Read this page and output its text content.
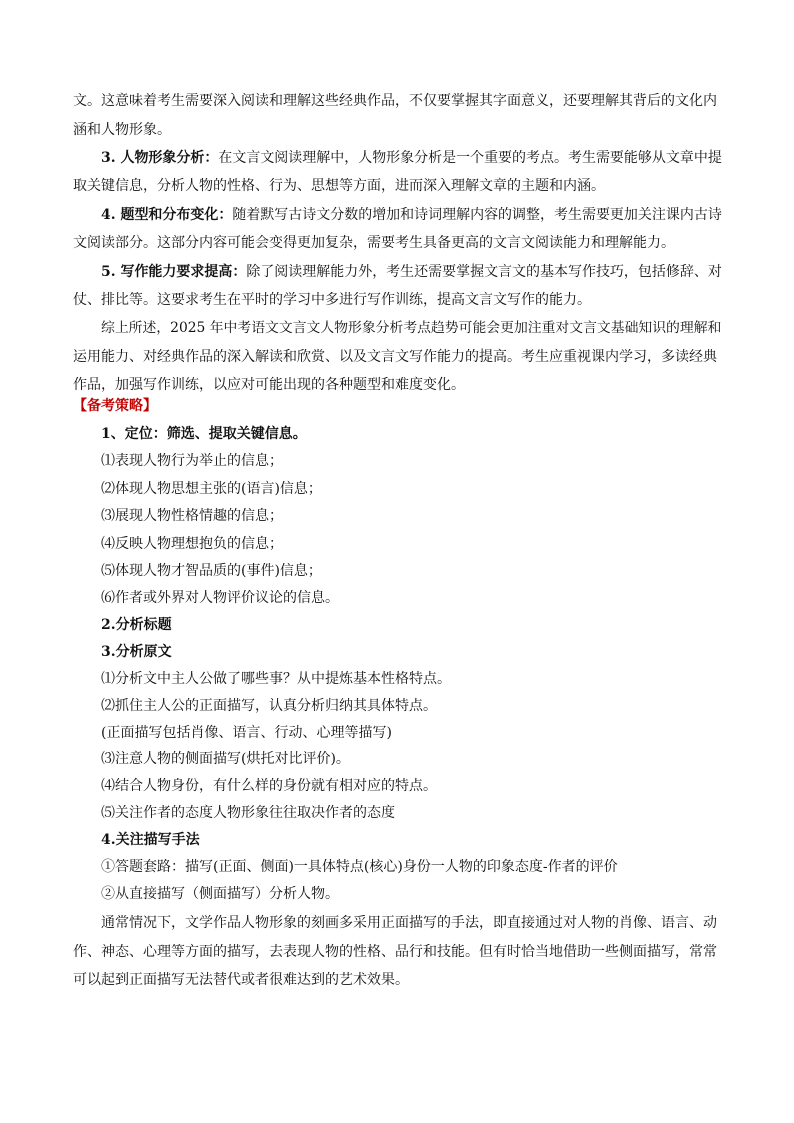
文。这意味着考生需要深入阅读和理解这些经典作品，不仅要掌握其字面意义，还要理解其背后的文化内
涵和人物形象。
3. 人物形象分析：在文言文阅读理解中，人物形象分析是一个重要的考点。考生需要能够从文章中提
取关键信息，分析人物的性格、行为、思想等方面，进而深入理解文章的主题和内涵。
4. 题型和分布变化：随着默写古诗文分数的增加和诗词理解内容的调整，考生需要更加关注课内古诗
文阅读部分。这部分内容可能会变得更加复杂，需要考生具备更高的文言文阅读能力和理解能力。
5. 写作能力要求提高：除了阅读理解能力外，考生还需要掌握文言文的基本写作技巧，包括修辞、对
仗、排比等。这要求考生在平时的学习中多进行写作训练，提高文言文写作的能力。
综上所述，2025 年中考语文文言文人物形象分析考点趋势可能会更加注重对文言文基础知识的理解和
运用能力、对经典作品的深入解读和欣赏、以及文言文写作能力的提高。考生应重视课内学习，多读经典
作品，加强写作训练，以应对可能出现的各种题型和难度变化。
【备考策略】
1、定位：筛选、提取关键信息。
⑴表现人物行为举止的信息；
⑵体现人物思想主张的(语言)信息；
⑶展现人物性格情趣的信息；
⑷反映人物理想抱负的信息；
⑸体现人物才智品质的(事件)信息；
⑹作者或外界对人物评价议论的信息。
2.分析标题
3.分析原文
⑴分析文中主人公做了哪些事？从中提炼基本性格特点。
⑵抓住主人公的正面描写，认真分析归纳其具体特点。
(正面描写包括肖像、语言、行动、心理等描写)
⑶注意人物的侧面描写(烘托对比评价)。
⑷结合人物身份，有什么样的身份就有相对应的特点。
⑸关注作者的态度人物形象往往取决作者的态度
4.关注描写手法
①答题套路：描写(正面、侧面)一具体特点(核心)身份一人物的印象态度-作者的评价
②从直接描写（侧面描写）分析人物。
通常情况下，文学作品人物形象的刻画多采用正面描写的手法，即直接通过对人物的肖像、语言、动
作、神态、心理等方面的描写，去表现人物的性格、品行和技能。但有时恰当地借助一些侧面描写，常常
可以起到正面描写无法替代或者很难达到的艺术效果。
